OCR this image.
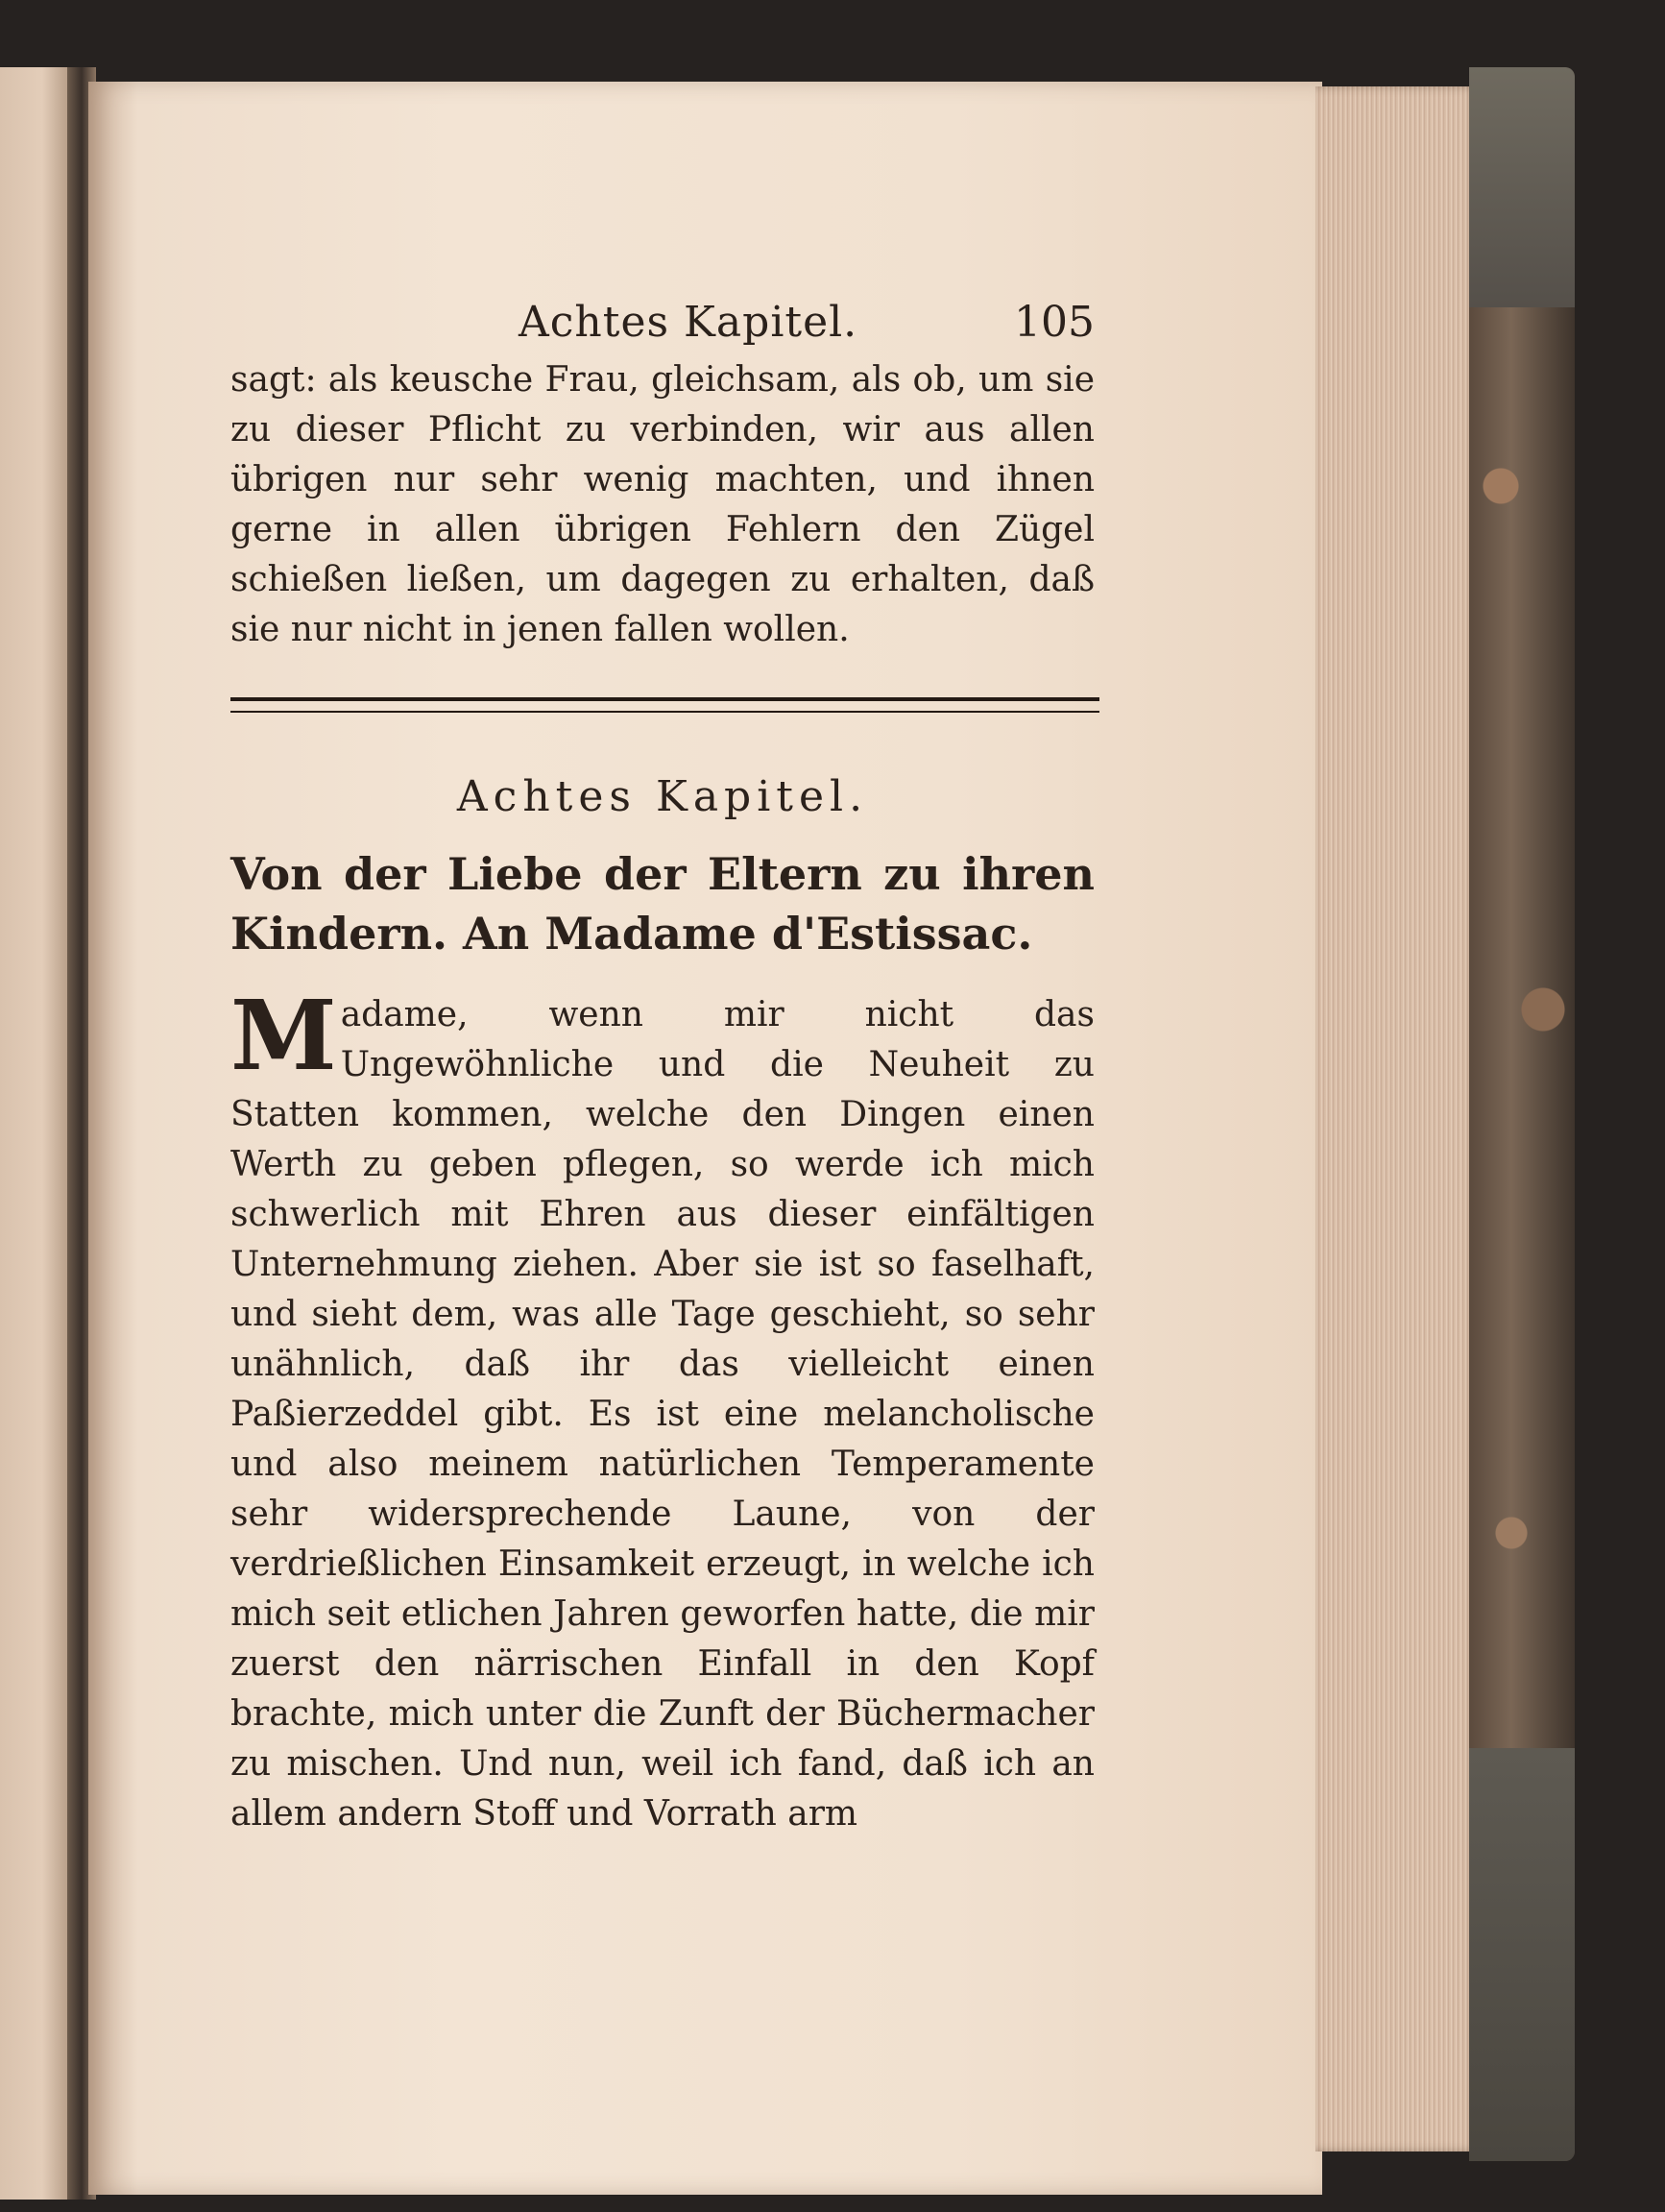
Achtes Kapitel.	105

sagt: als keusche Frau, gleichsam, als ob, um sie zu dieser Pflicht zu verbinden, wir aus allen übrigen nur sehr wenig machten, und ihnen gerne in allen übrigen Fehlern den Zügel schießen ließen, um dagegen zu erhalten, daß sie nur nicht in jenen fallen wollen.

Achtes Kapitel.
Von der Liebe der Eltern zu ihren Kindern. An Madame d'Estissac.
Madame, wenn mir nicht das Ungewöhnliche und die Neuheit zu Statten kommen, welche den Dingen einen Werth zu geben pflegen, so werde ich mich schwerlich mit Ehren aus dieser einfältigen Unternehmung ziehen. Aber sie ist so faselhaft, und sieht dem, was alle Tage geschieht, so sehr unähnlich, daß ihr das vielleicht einen Paßierzeddel gibt. Es ist eine melancholische und also meinem natürlichen Temperamente sehr widersprechende Laune, von der verdrießlichen Einsamkeit erzeugt, in welche ich mich seit etlichen Jahren geworfen hatte, die mir zuerst den närrischen Einfall in den Kopf brachte, mich unter die Zunft der Büchermacher zu mischen. Und nun, weil ich fand, daß ich an allem andern Stoff und Vorrath arm
